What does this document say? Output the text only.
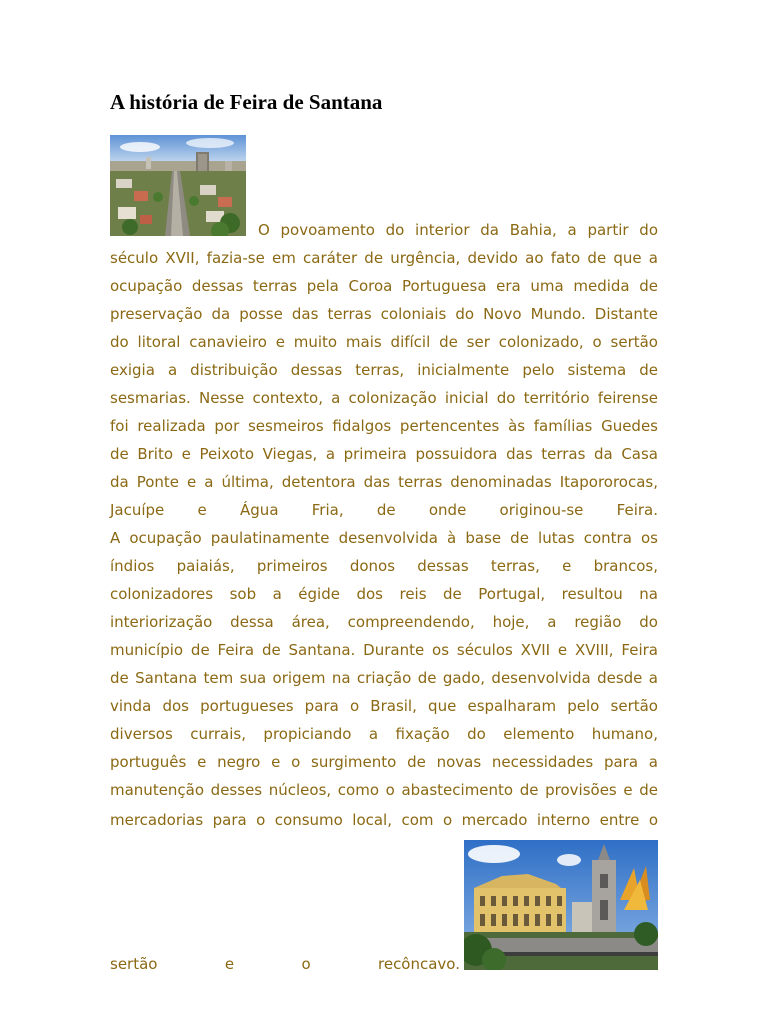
A história de Feira de Santana
O povoamento do interior da Bahia, a partir do
século XVII, fazia-se em caráter de urgência, devido ao fato de que a
ocupação dessas terras pela Coroa Portuguesa era uma medida de
preservação da posse das terras coloniais do Novo Mundo. Distante
do litoral canavieiro e muito mais difícil de ser colonizado, o sertão
exigia a distribuição dessas terras, inicialmente pelo sistema de
sesmarias. Nesse contexto, a colonização inicial do território feirense
foi realizada por sesmeiros fidalgos pertencentes às famílias Guedes
de Brito e Peixoto Viegas, a primeira possuidora das terras da Casa
da Ponte e a última, detentora das terras denominadas Itapororocas,
Jacuípe e Água Fria, de onde originou-se Feira.
A ocupação paulatinamente desenvolvida à base de lutas contra os
índios paiaiás, primeiros donos dessas terras, e brancos,
colonizadores sob a égide dos reis de Portugal, resultou na
interiorização dessa área, compreendendo, hoje, a região do
município de Feira de Santana. Durante os séculos XVII e XVIII, Feira
de Santana tem sua origem na criação de gado, desenvolvida desde a
vinda dos portugueses para o Brasil, que espalharam pelo sertão
diversos currais, propiciando a fixação do elemento humano,
português e negro e o surgimento de novas necessidades para a
manutenção desses núcleos, como o abastecimento de provisões e de
mercadorias para o consumo local, com o mercado interno entre o
sertão e o recôncavo.
